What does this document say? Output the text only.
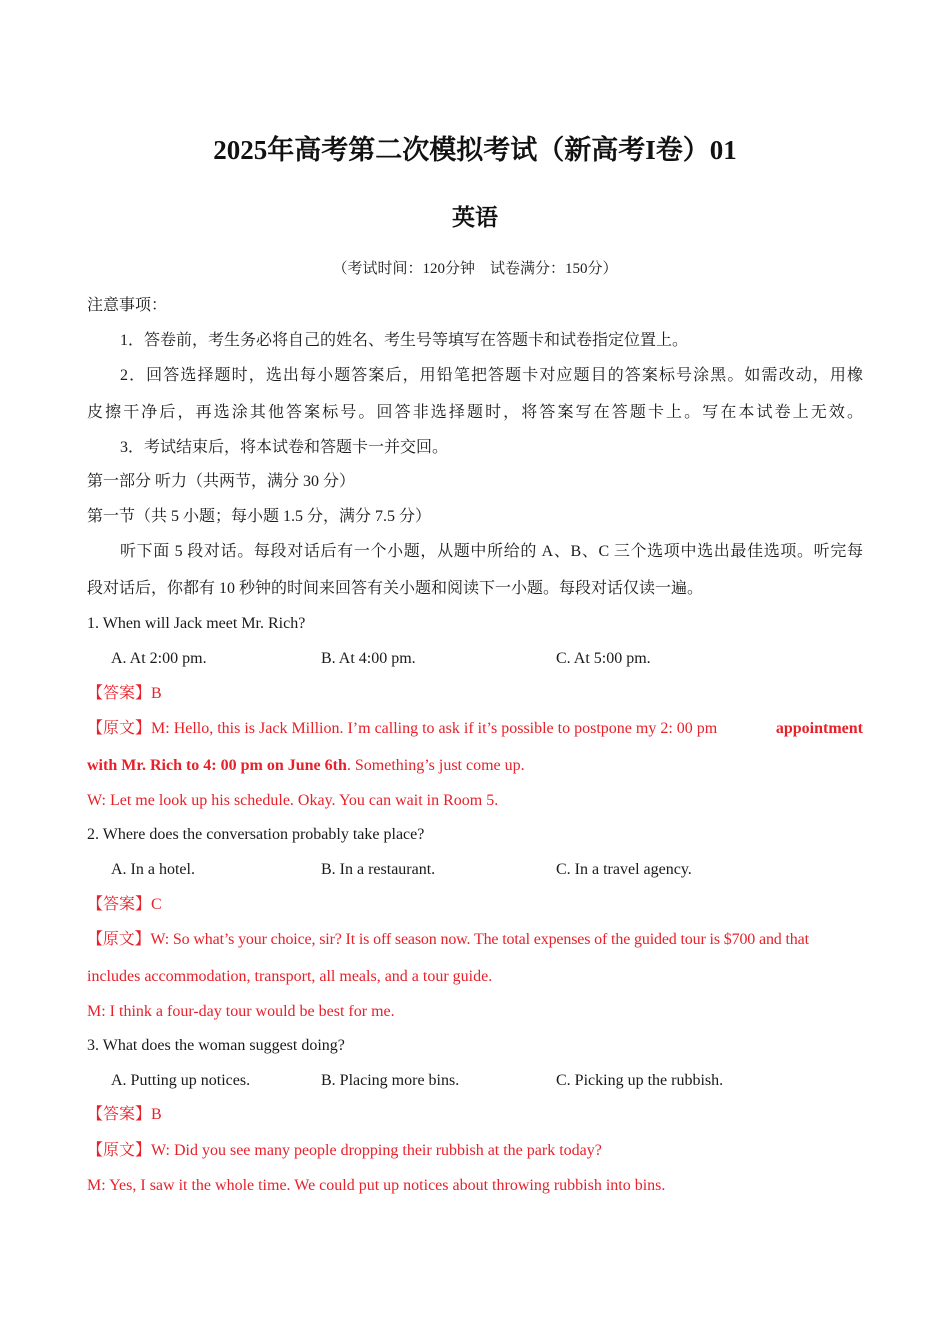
2025年高考第二次模拟考试（新高考I卷）01
英语
（考试时间：120分钟　试卷满分：150分）
注意事项：
1．答卷前，考生务必将自己的姓名、考生号等填写在答题卡和试卷指定位置上。
2．回答选择题时，选出每小题答案后，用铅笔把答题卡对应题目的答案标号涂黑。如需改动，用橡
皮擦干净后，再选涂其他答案标号。回答非选择题时，将答案写在答题卡上。写在本试卷上无效。
3．考试结束后，将本试卷和答题卡一并交回。
第一部分 听力（共两节，满分 30 分）
第一节（共 5 小题；每小题 1.5 分，满分 7.5 分）
听下面 5 段对话。每段对话后有一个小题，从题中所给的 A、B、C 三个选项中选出最佳选项。听完每
段对话后，你都有 10 秒钟的时间来回答有关小题和阅读下一小题。每段对话仅读一遍。
1. When will Jack meet Mr. Rich?
A. At 2:00 pm.	B. At 4:00 pm.	C. At 5:00 pm.
【答案】B
【原文】M: Hello, this is Jack Million. I’m calling to ask if it’s possible to postpone my 2: 00 pm	appointment
with Mr. Rich to 4: 00 pm on June 6th. Something’s just come up.
W: Let me look up his schedule. Okay. You can wait in Room 5.
2. Where does the conversation probably take place?
A. In a hotel.	B. In a restaurant.	C. In a travel agency.
【答案】C
【原文】W: So what’s your choice, sir? It is off season now. The total expenses of the guided tour is $700 and that
includes accommodation, transport, all meals, and a tour guide.
M: I think a four-day tour would be best for me.
3. What does the woman suggest doing?
A. Putting up notices.	B. Placing more bins.	C. Picking up the rubbish.
【答案】B
【原文】W: Did you see many people dropping their rubbish at the park today?
M: Yes, I saw it the whole time. We could put up notices about throwing rubbish into bins.
